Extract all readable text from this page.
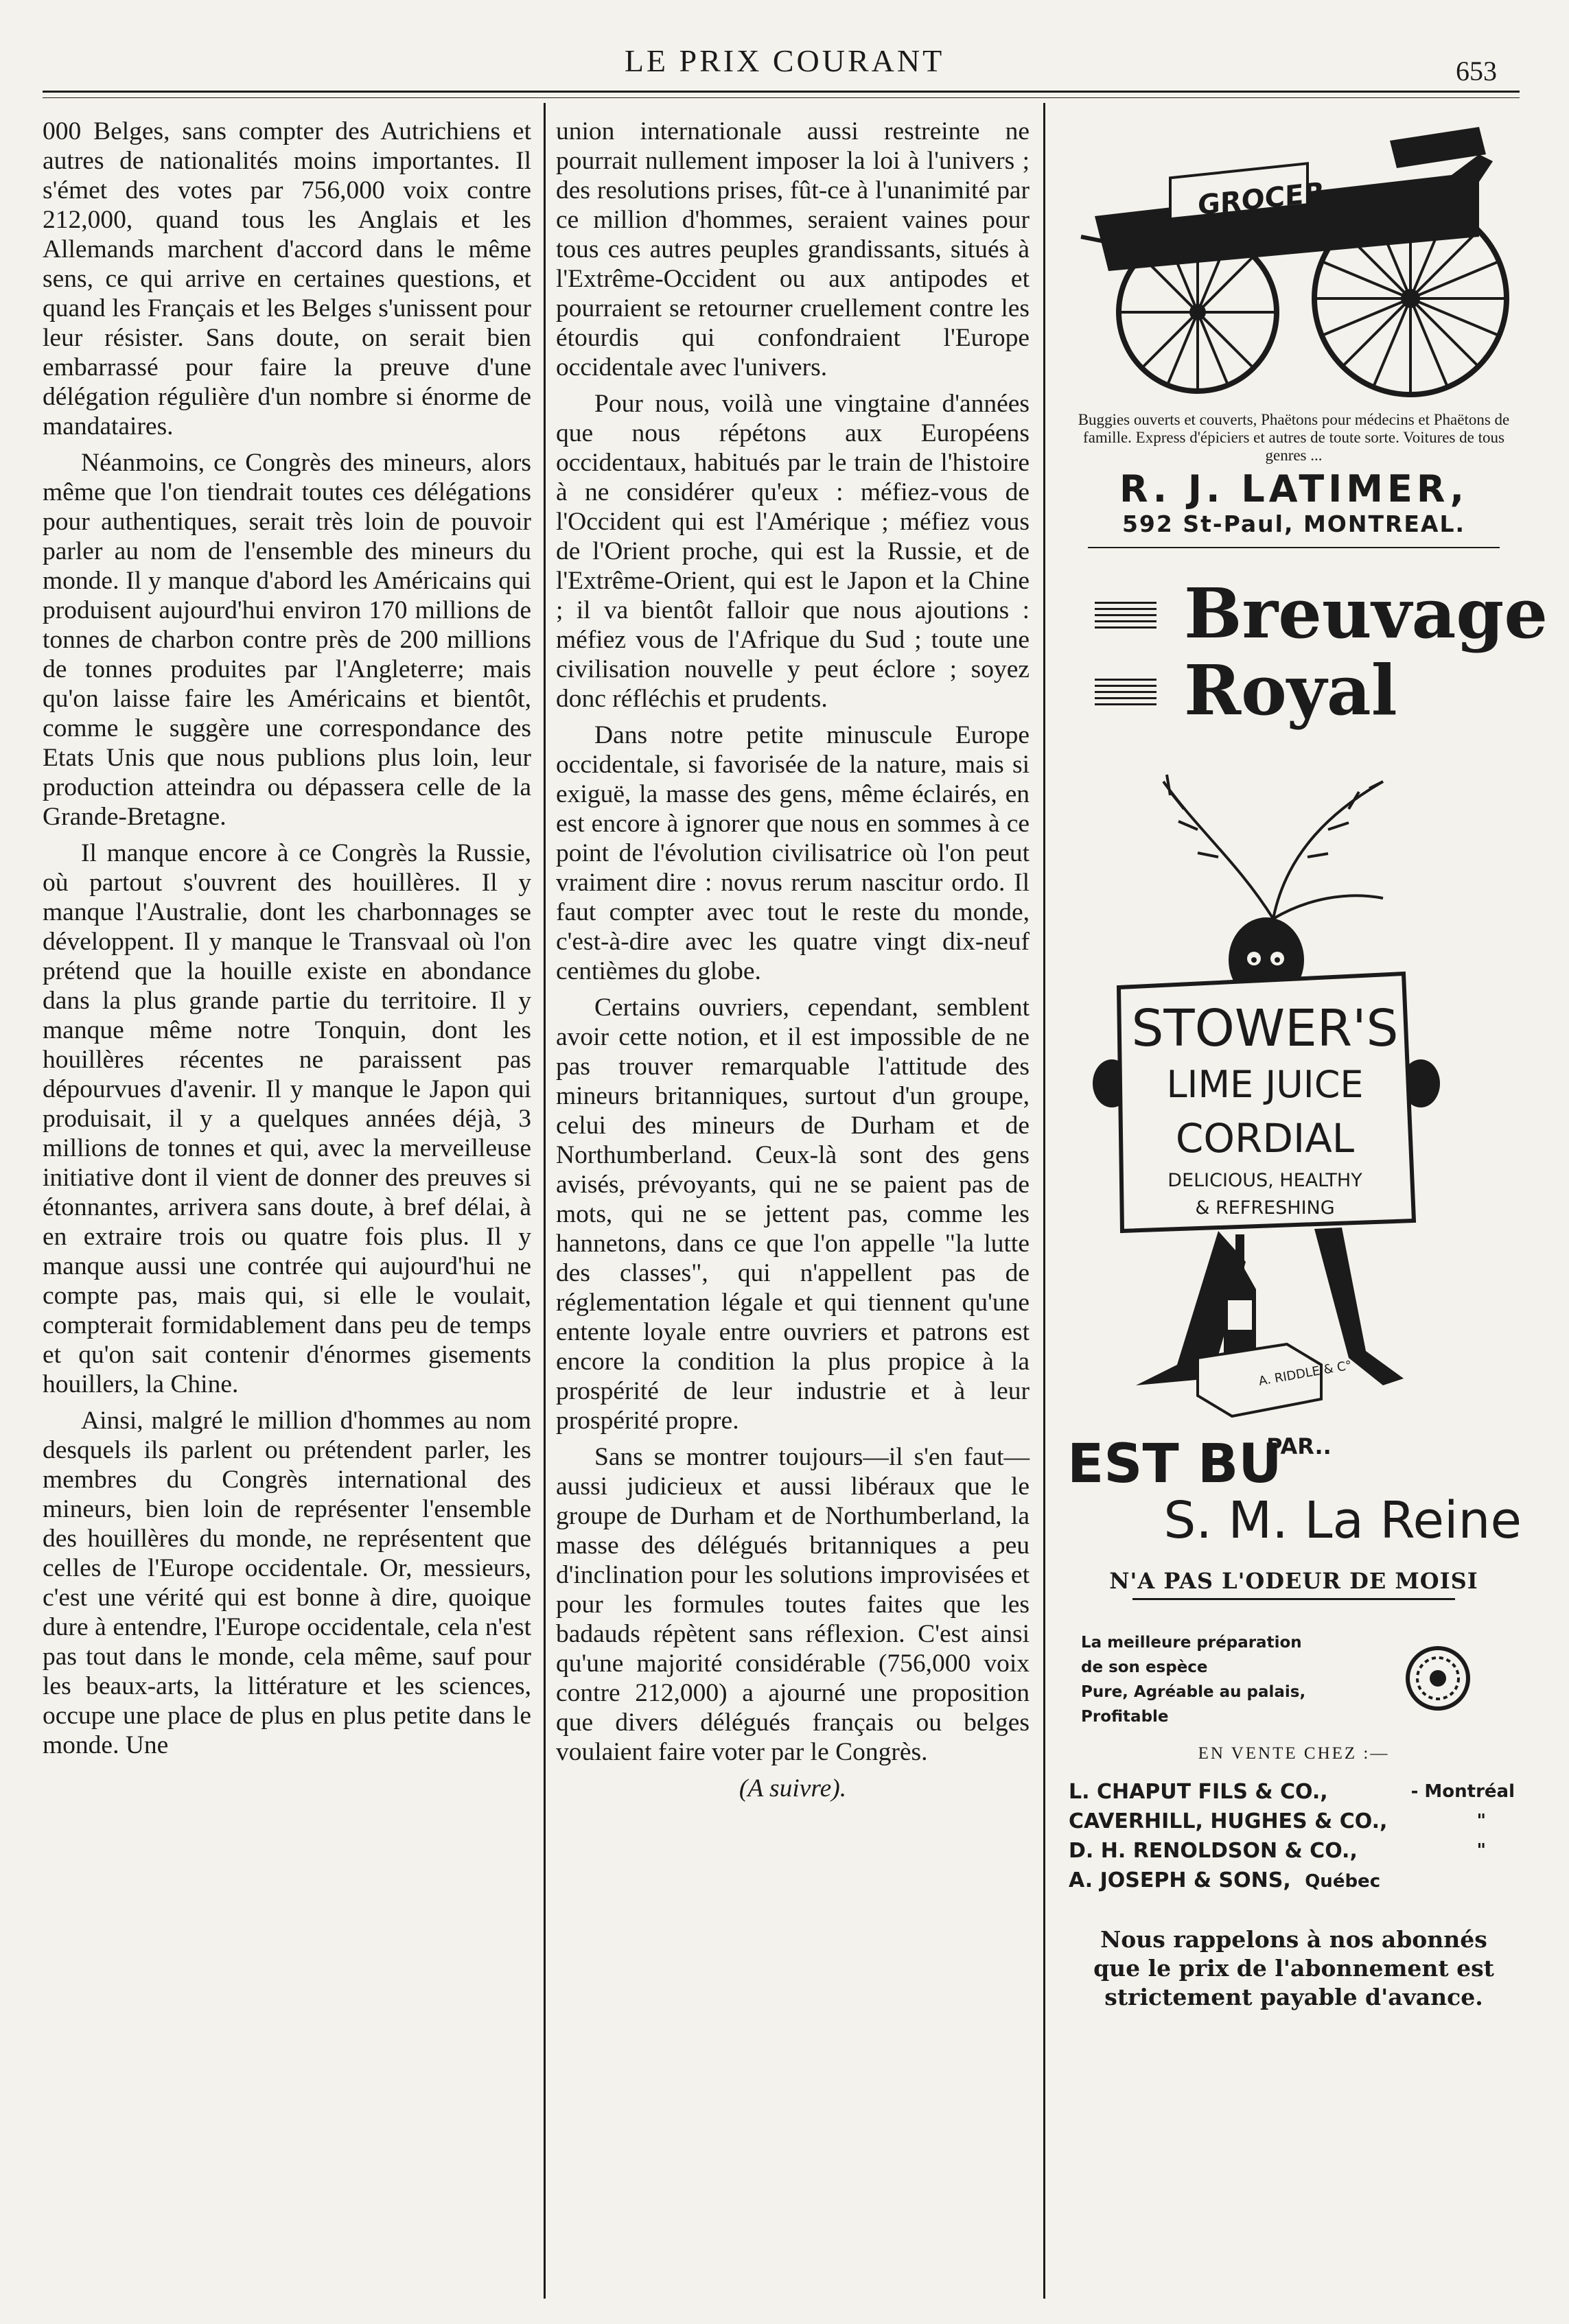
LE PRIX COURANT	653

000 Belges, sans compter des Autrichiens et autres de nationalités moins importantes. Il s'émet des votes par 756,000 voix contre 212,000, quand tous les Anglais et les Allemands marchent d'accord dans le même sens, ce qui arrive en certaines questions, et quand les Français et les Belges s'unissent pour leur résister. Sans doute, on serait bien embarrassé pour faire la preuve d'une délégation régulière d'un nombre si énorme de mandataires.

Néanmoins, ce Congrès des mineurs, alors même que l'on tiendrait toutes ces délégations pour authentiques, serait très loin de pouvoir parler au nom de l'ensemble des mineurs du monde. Il y manque d'abord les Américains qui produisent aujourd'hui environ 170 millions de tonnes de charbon contre près de 200 millions de tonnes produites par l'Angleterre; mais qu'on laisse faire les Américains et bientôt, comme le suggère une correspondance des Etats Unis que nous publions plus loin, leur production atteindra ou dépassera celle de la Grande-Bretagne.

Il manque encore à ce Congrès la Russie, où partout s'ouvrent des houillères. Il y manque l'Australie, dont les charbonnages se développent. Il y manque le Transvaal où l'on prétend que la houille existe en abondance dans la plus grande partie du territoire. Il y manque même notre Tonquin, dont les houillères récentes ne paraissent pas dépourvues d'avenir. Il y manque le Japon qui produisait, il y a quelques années déjà, 3 millions de tonnes et qui, avec la merveilleuse initiative dont il vient de donner des preuves si étonnantes, arrivera sans doute, à bref délai, à en extraire trois ou quatre fois plus. Il y manque aussi une contrée qui aujourd'hui ne compte pas, mais qui, si elle le voulait, compterait formidablement dans peu de temps et qu'on sait contenir d'énormes gisements houillers, la Chine.

Ainsi, malgré le million d'hommes au nom desquels ils parlent ou prétendent parler, les membres du Congrès international des mineurs, bien loin de représenter l'ensemble des houillères du monde, ne représentent que celles de l'Europe occidentale. Or, messieurs, c'est une vérité qui est bonne à dire, quoique dure à entendre, l'Europe occidentale, cela n'est pas tout dans le monde, cela même, sauf pour les beaux-arts, la littérature et les sciences, occupe une place de plus en plus petite dans le monde. Une

union internationale aussi restreinte ne pourrait nullement imposer la loi à l'univers ; des resolutions prises, fût-ce à l'unanimité par ce million d'hommes, seraient vaines pour tous ces autres peuples grandissants, situés à l'Extrême-Occident ou aux antipodes et pourraient se retourner cruellement contre les étourdis qui confondraient l'Europe occidentale avec l'univers.

Pour nous, voilà une vingtaine d'années que nous répétons aux Européens occidentaux, habitués par le train de l'histoire à ne considérer qu'eux : méfiez-vous de l'Occident qui est l'Amérique ; méfiez vous de l'Orient proche, qui est la Russie, et de l'Extrême-Orient, qui est le Japon et la Chine ; il va bientôt falloir que nous ajoutions : méfiez vous de l'Afrique du Sud ; toute une civilisation nouvelle y peut éclore ; soyez donc réfléchis et prudents.

Dans notre petite minuscule Europe occidentale, si favorisée de la nature, mais si exiguë, la masse des gens, même éclairés, en est encore à ignorer que nous en sommes à ce point de l'évolution civilisatrice où l'on peut vraiment dire : novus rerum nascitur ordo. Il faut compter avec tout le reste du monde, c'est-à-dire avec les quatre vingt dix-neuf centièmes du globe.

Certains ouvriers, cependant, semblent avoir cette notion, et il est impossible de ne pas trouver remarquable l'attitude des mineurs britanniques, surtout d'un groupe, celui des mineurs de Durham et de Northumberland. Ceux-là sont des gens avisés, prévoyants, qui ne se paient pas de mots, qui ne se jettent pas, comme les hannetons, dans ce que l'on appelle "la lutte des classes", qui n'appellent pas de réglementation légale et qui tiennent qu'une entente loyale entre ouvriers et patrons est encore la condition la plus propice à la prospérité de leur industrie et à leur prospérité propre.

Sans se montrer toujours—il s'en faut—aussi judicieux et aussi libéraux que le groupe de Durham et de Northumberland, la masse des délégués britanniques a peu d'inclination pour les solutions improvisées et pour les formules toutes faites que les badauds répètent sans réflexion. C'est ainsi qu'une majorité considérable (756,000 voix contre 212,000) a ajourné une proposition que divers délégués français ou belges voulaient faire voter par le Congrès.

(A suivre).

GROCER
Buggies ouverts et couverts, Phaëtons pour médecins et Phaëtons de famille. Express d'épiciers et autres de toute sorte. Voitures de tous genres ...
R. J. LATIMER,
592 St-Paul, MONTREAL.
Breuvage
Royal
STOWER'S
LIME JUICE
CORDIAL
DELICIOUS, HEALTHY
& REFRESHING
A. RIDDLE & C°
EST BU
PAR..
S. M. La Reine
N'A PAS L'ODEUR DE MOISI
La meilleure préparation
de son espèce
Pure, Agréable au palais,
Profitable
EN VENTE CHEZ :—
L. CHAPUT FILS & CO.,	- Montréal
CAVERHILL, HUGHES & CO.,	"
D. H. RENOLDSON & CO.,	"
A. JOSEPH & SONS, Québec
Nous rappelons à nos abonnés
que le prix de l'abonnement est
strictement payable d'avance.
